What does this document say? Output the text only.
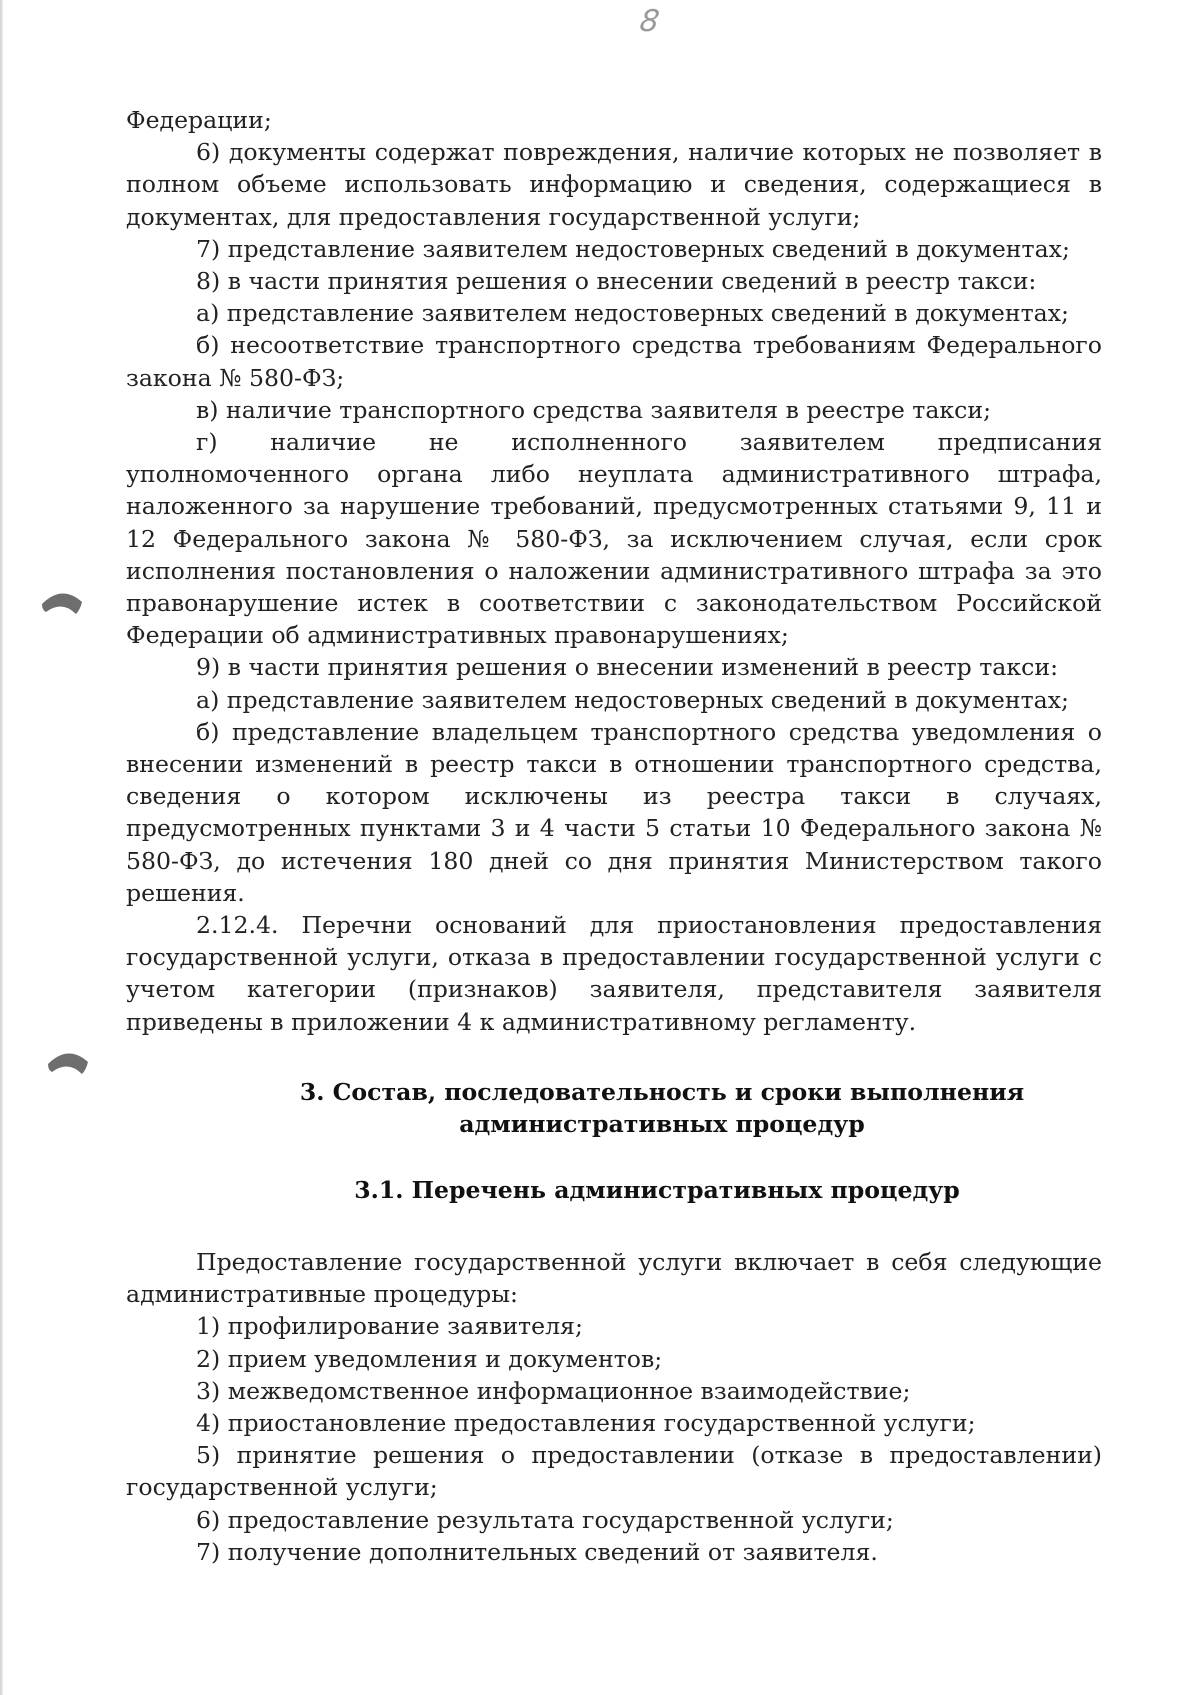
8

Федерации;

6) документы содержат повреждения, наличие которых не позволяет в полном объеме использовать информацию и сведения, содержащиеся в документах, для предоставления государственной услуги;

7) представление заявителем недостоверных сведений в документах;

8) в части принятия решения о внесении сведений в реестр такси:

а) представление заявителем недостоверных сведений в документах;

б) несоответствие транспортного средства требованиям Федерального закона № 580-ФЗ;

в) наличие транспортного средства заявителя в реестре такси;

г) наличие не исполненного заявителем предписания уполномоченного органа либо неуплата административного штрафа, наложенного за нарушение требований, предусмотренных статьями 9, 11 и 12 Федерального закона № 580-ФЗ, за исключением случая, если срок исполнения постановления о наложении административного штрафа за это правонарушение истек в соответствии с законодательством Российской Федерации об административных правонарушениях;

9) в части принятия решения о внесении изменений в реестр такси:

а) представление заявителем недостоверных сведений в документах;

б) представление владельцем транспортного средства уведомления о внесении изменений в реестр такси в отношении транспортного средства, сведения о котором исключены из реестра такси в случаях, предусмотренных пунктами 3 и 4 части 5 статьи 10 Федерального закона № 580-ФЗ, до истечения 180 дней со дня принятия Министерством такого решения.

2.12.4. Перечни оснований для приостановления предоставления государственной услуги, отказа в предоставлении государственной услуги с учетом категории (признаков) заявителя, представителя заявителя приведены в приложении 4 к административному регламенту.

3. Состав, последовательность и сроки выполнения
административных процедур

3.1. Перечень административных процедур

Предоставление государственной услуги включает в себя следующие административные процедуры:

1) профилирование заявителя;

2) прием уведомления и документов;

3) межведомственное информационное взаимодействие;

4) приостановление предоставления государственной услуги;

5) принятие решения о предоставлении (отказе в предоставлении) государственной услуги;

6) предоставление результата государственной услуги;

7) получение дополнительных сведений от заявителя.
